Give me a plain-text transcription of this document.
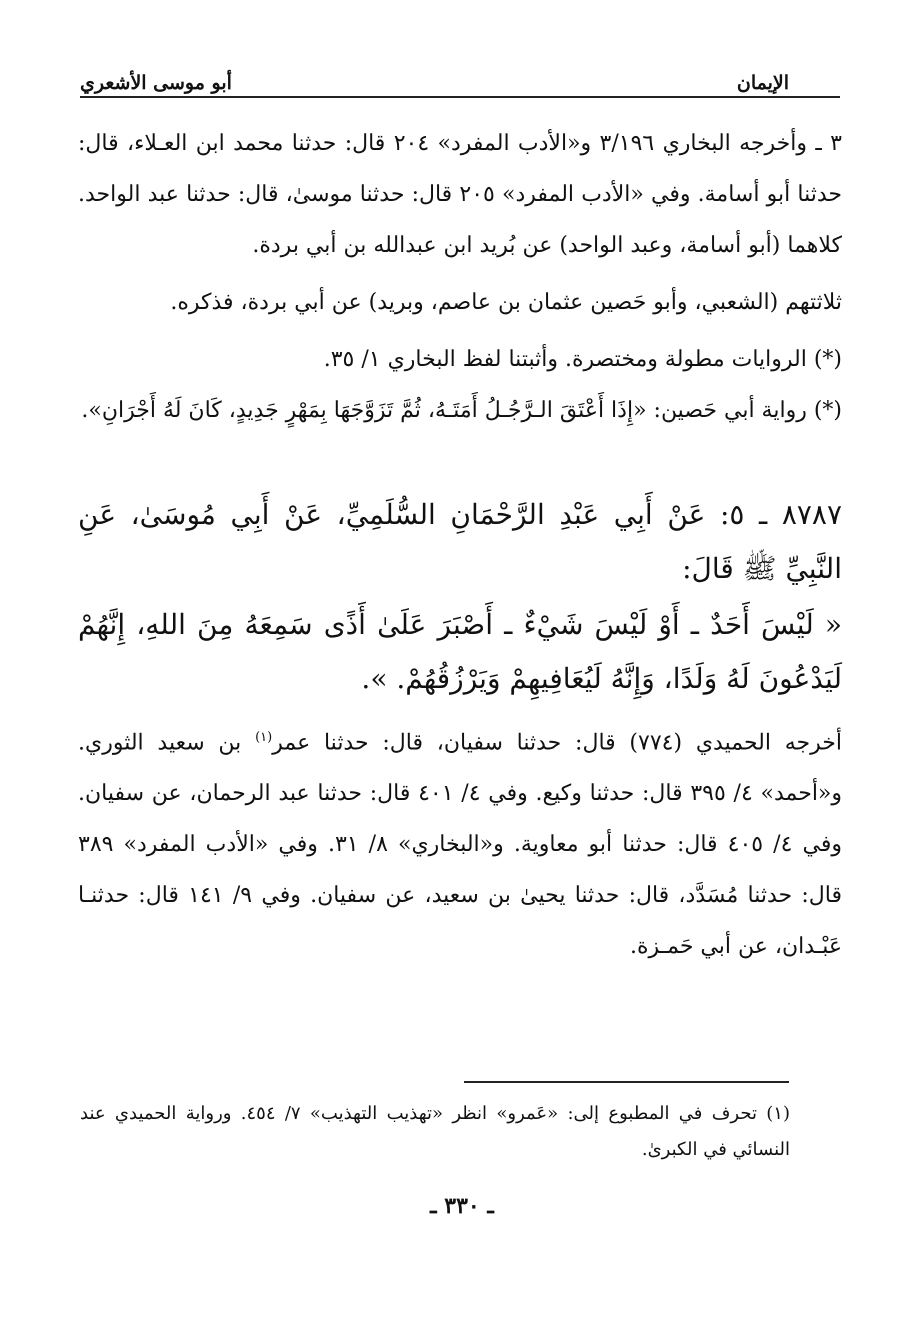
الإيمان
أبو موسى الأشعري

٣ ـ وأخرجه البخاري ٣/١٩٦ و«الأدب المفرد» ٢٠٤ قال: حدثنا محمد ابن العـلاء، قال: حدثنا أبو أسامة. وفي «الأدب المفرد» ٢٠٥ قال: حدثنا موسىٰ، قال: حدثنا عبد الواحد. كلاهما (أبو أسامة، وعبد الواحد) عن بُريد ابن عبدالله بن أبي بردة.

ثلاثتهم (الشعبي، وأبو حَصين عثمان بن عاصم، وبريد) عن أبي بردة، فذكره.

(*) الروايات مطولة ومختصرة. وأثبتنا لفظ البخاري ١/ ٣٥.

(*) رواية أبي حَصين: «إِذَا أَعْتَقَ الـرَّجُـلُ أَمَتَـهُ، ثُمَّ تَزَوَّجَهَا بِمَهْرٍ جَدِيدٍ، كَانَ لَهُ أَجْرَانِ».

٨٧٨٧ ـ ٥: عَنْ أَبِي عَبْدِ الرَّحْمَانِ السُّلَمِيِّ، عَنْ أَبِي مُوسَىٰ، عَنِ النَّبِيِّ ﷺ قَالَ:

« لَيْسَ أَحَدٌ ـ أَوْ لَيْسَ شَيْءٌ ـ أَصْبَرَ عَلَىٰ أَذًى سَمِعَهُ مِنَ اللهِ، إِنَّهُمْ لَيَدْعُونَ لَهُ وَلَدًا، وَإِنَّهُ لَيُعَافِيهِمْ وَيَرْزُقُهُمْ. ».

أخرجه الحميدي (٧٧٤) قال: حدثنا سفيان، قال: حدثنا عمر$^{(١)}$ بن سعيد الثوري. و«أحمد» ٤/ ٣٩٥ قال: حدثنا وكيع. وفي ٤/ ٤٠١ قال: حدثنا عبد الرحمان، عن سفيان. وفي ٤/ ٤٠٥ قال: حدثنا أبو معاوية. و«البخاري» ٨/ ٣١. وفي «الأدب المفرد» ٣٨٩ قال: حدثنا مُسَدَّد، قال: حدثنا يحيىٰ بن سعيد، عن سفيان. وفي ٩/ ١٤١ قال: حدثنـا عَبْـدان، عن أبي حَمـزة.

(١) تحرف في المطبوع إلى: «عَمرو» انظر «تهذيب التهذيب» ٧/ ٤٥٤. ورواية الحميدي عند النسائي في الكبرىٰ.
ـ ٣٣٠ ـ
